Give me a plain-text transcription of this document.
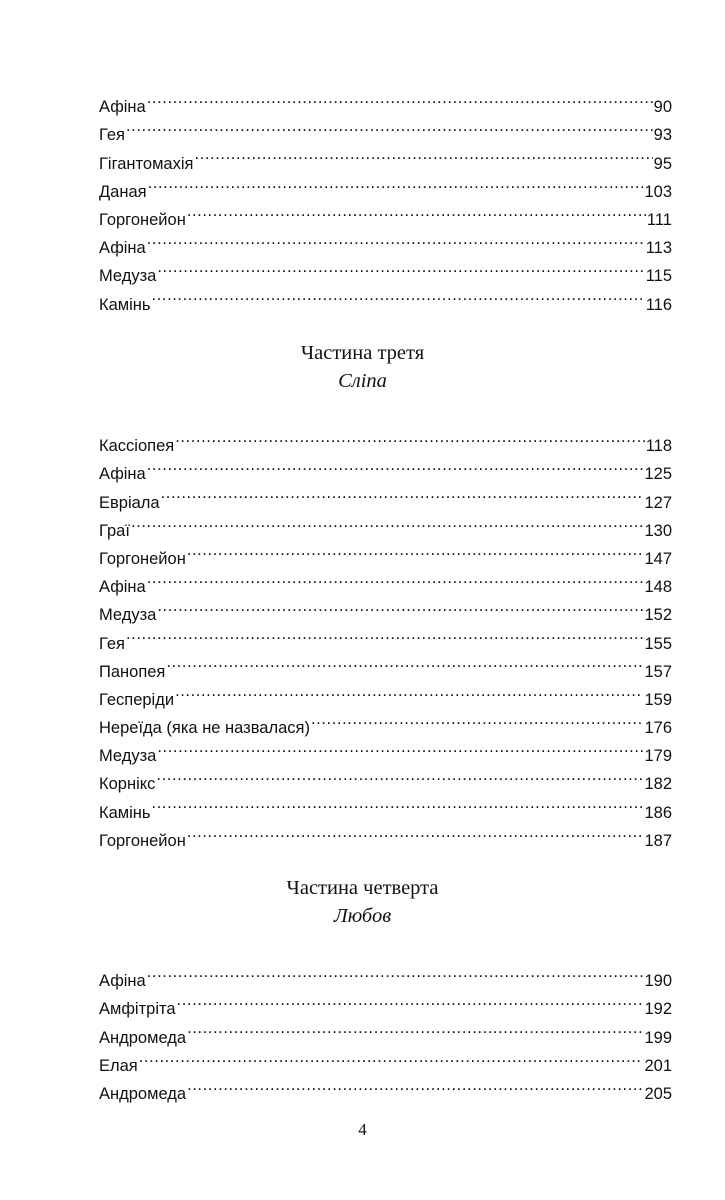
Афіна .....	90
Гея .....	93
Гігантомахія .....	95
Даная .....	103
Горгонейон .....	111
Афіна .....	113
Медуза .....	115
Камінь .....	116
Частина третя
Сліпа
Кассіопея .....	118
Афіна .....	125
Евріала .....	127
Граї .....	130
Горгонейон .....	147
Афіна .....	148
Медуза .....	152
Гея .....	155
Панопея .....	157
Гесперіди .....	159
Нереїда (яка не назвалася) .....	176
Медуза .....	179
Корнікс .....	182
Камінь .....	186
Горгонейон .....	187
Частина четверта
Любов
Афіна .....	190
Амфітріта .....	192
Андромеда .....	199
Елая .....	201
Андромеда .....	205
4
